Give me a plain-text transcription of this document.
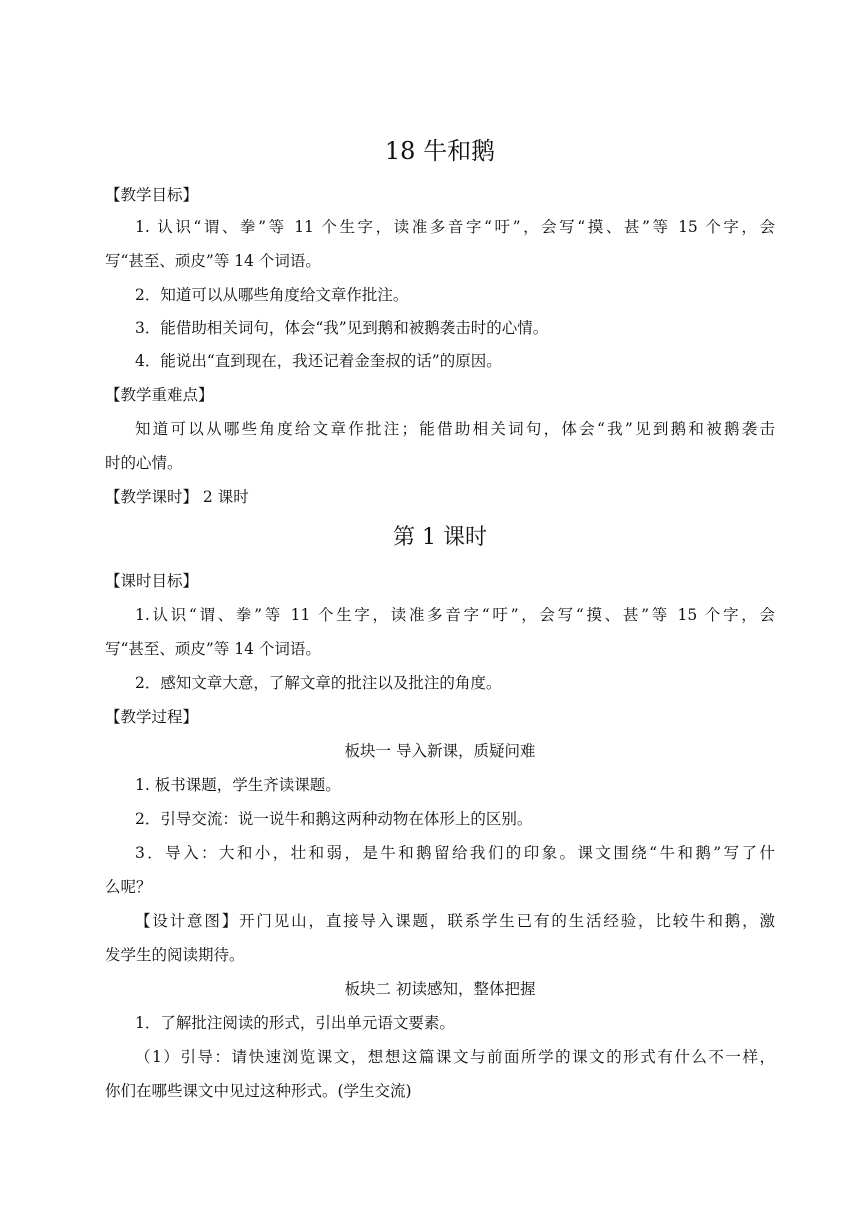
18 牛和鹅
【教学目标】
1. 认识“谓、拳”等 11 个生字，读准多音字“吁”，会写“摸、甚”等 15 个字，会
写“甚至、顽皮”等 14 个词语。
2．知道可以从哪些角度给文章作批注。
3．能借助相关词句，体会“我”见到鹅和被鹅袭击时的心情。
4．能说出“直到现在，我还记着金奎叔的话”的原因。
【教学重难点】
知道可以从哪些角度给文章作批注；能借助相关词句，体会“我”见到鹅和被鹅袭击
时的心情。
【教学课时】 2 课时
第 1 课时
【课时目标】
1.认识“谓、拳”等 11 个生字，读准多音字“吁”，会写“摸、甚”等 15 个字，会
写“甚至、顽皮”等 14 个词语。
2．感知文章大意，了解文章的批注以及批注的角度。
【教学过程】
板块一 导入新课，质疑问难
1. 板书课题，学生齐读课题。
2．引导交流：说一说牛和鹅这两种动物在体形上的区别。
3．导入：大和小，壮和弱，是牛和鹅留给我们的印象。课文围绕“牛和鹅”写了什
么呢？
【设计意图】开门见山，直接导入课题，联系学生已有的生活经验，比较牛和鹅，激
发学生的阅读期待。
板块二 初读感知，整体把握
1．了解批注阅读的形式，引出单元语文要素。
（1）引导：请快速浏览课文，想想这篇课文与前面所学的课文的形式有什么不一样，
你们在哪些课文中见过这种形式。(学生交流)
